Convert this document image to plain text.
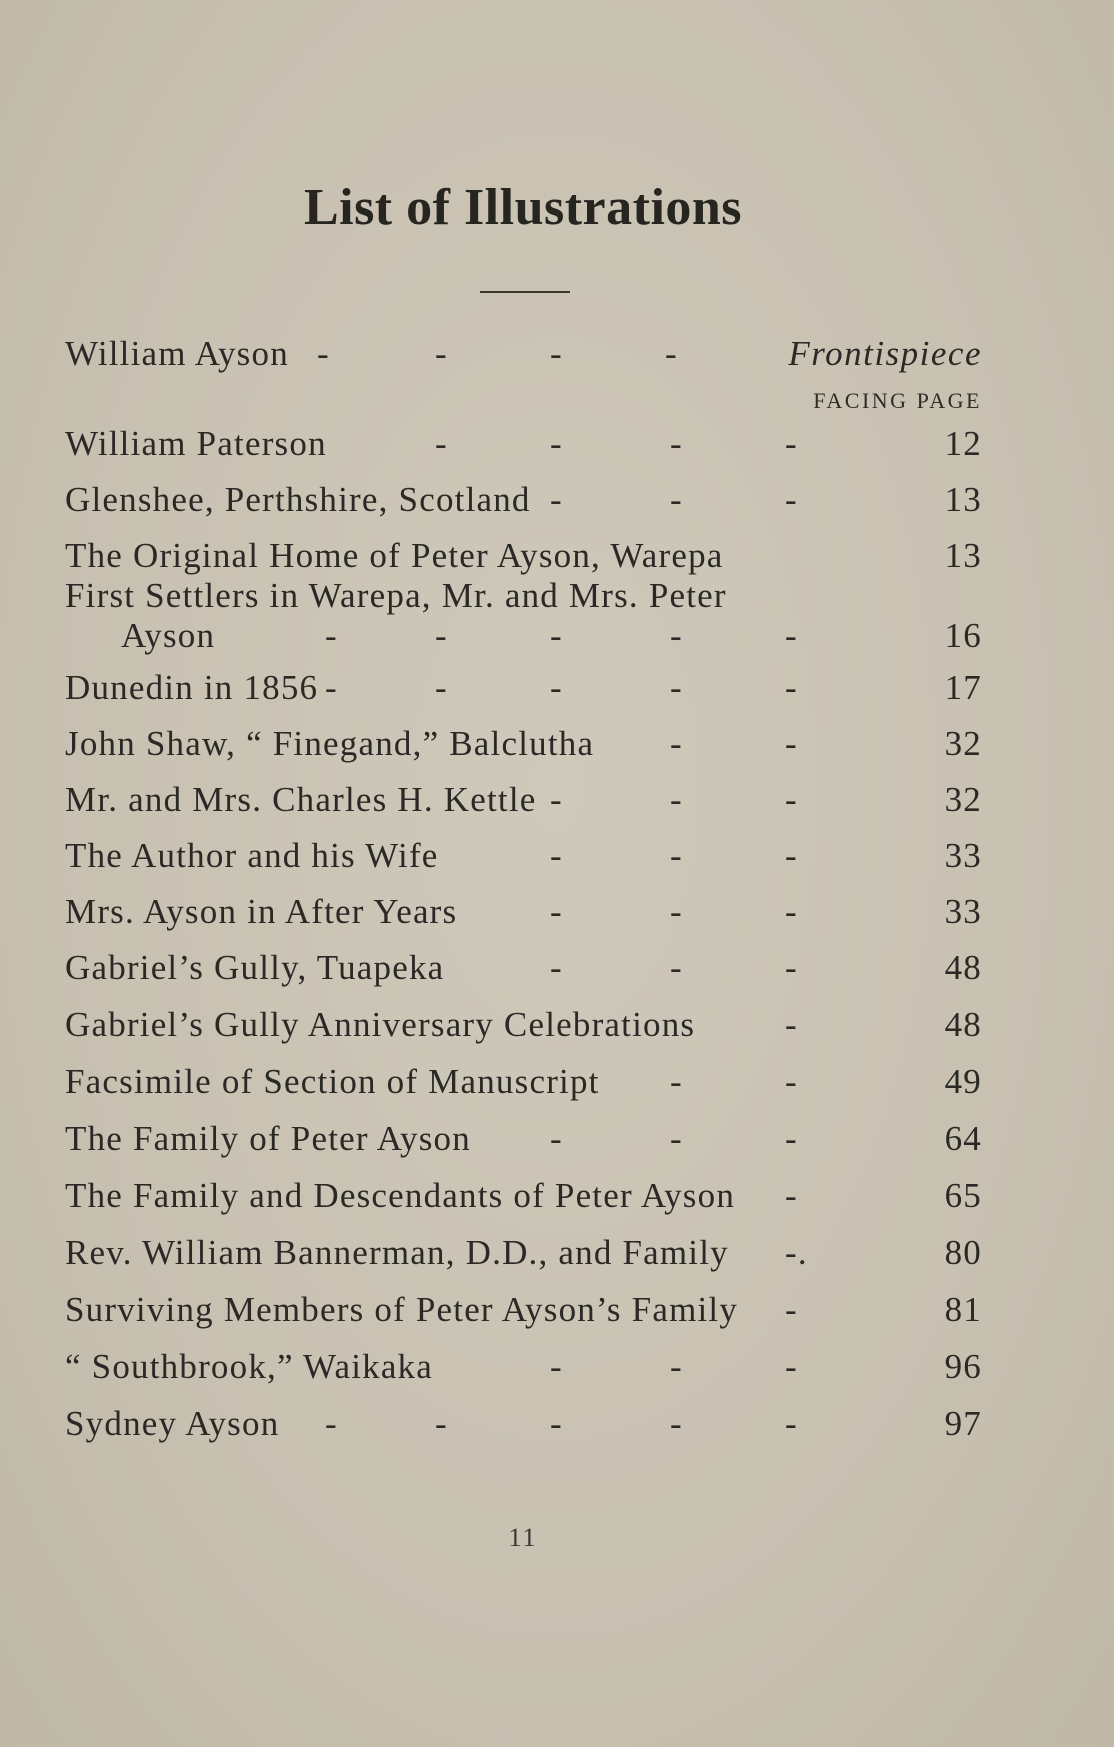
List of Illustrations
William Ayson -	-	-	-	Frontispiece
FACING PAGE
William Paterson	-	-	-	-	12
Glenshee, Perthshire, Scotland -	-	-	13
The Original Home of Peter Ayson, Warepa	13
First Settlers in Warepa, Mr. and Mrs. Peter
Ayson	-	-	-	-	-	16
Dunedin in 1856 -	-	-	-	-	17
John Shaw, “ Finegand,” Balclutha	-	-	32
Mr. and Mrs. Charles H. Kettle -	-	-	32
The Author and his Wife	-	-	-	33
Mrs. Ayson in After Years	-	-	-	33
Gabriel’s Gully, Tuapeka	-	-	-	48
Gabriel’s Gully Anniversary Celebrations	-	48
Facsimile of Section of Manuscript	-	-	49
The Family of Peter Ayson	-	-	-	64
The Family and Descendants of Peter Ayson	-	65
Rev. William Bannerman, D.D., and Family	-.	80
Surviving Members of Peter Ayson’s Family	-	81
“ Southbrook,” Waikaka	-	-	-	96
Sydney Ayson	-	-	-	-	-	97
11
